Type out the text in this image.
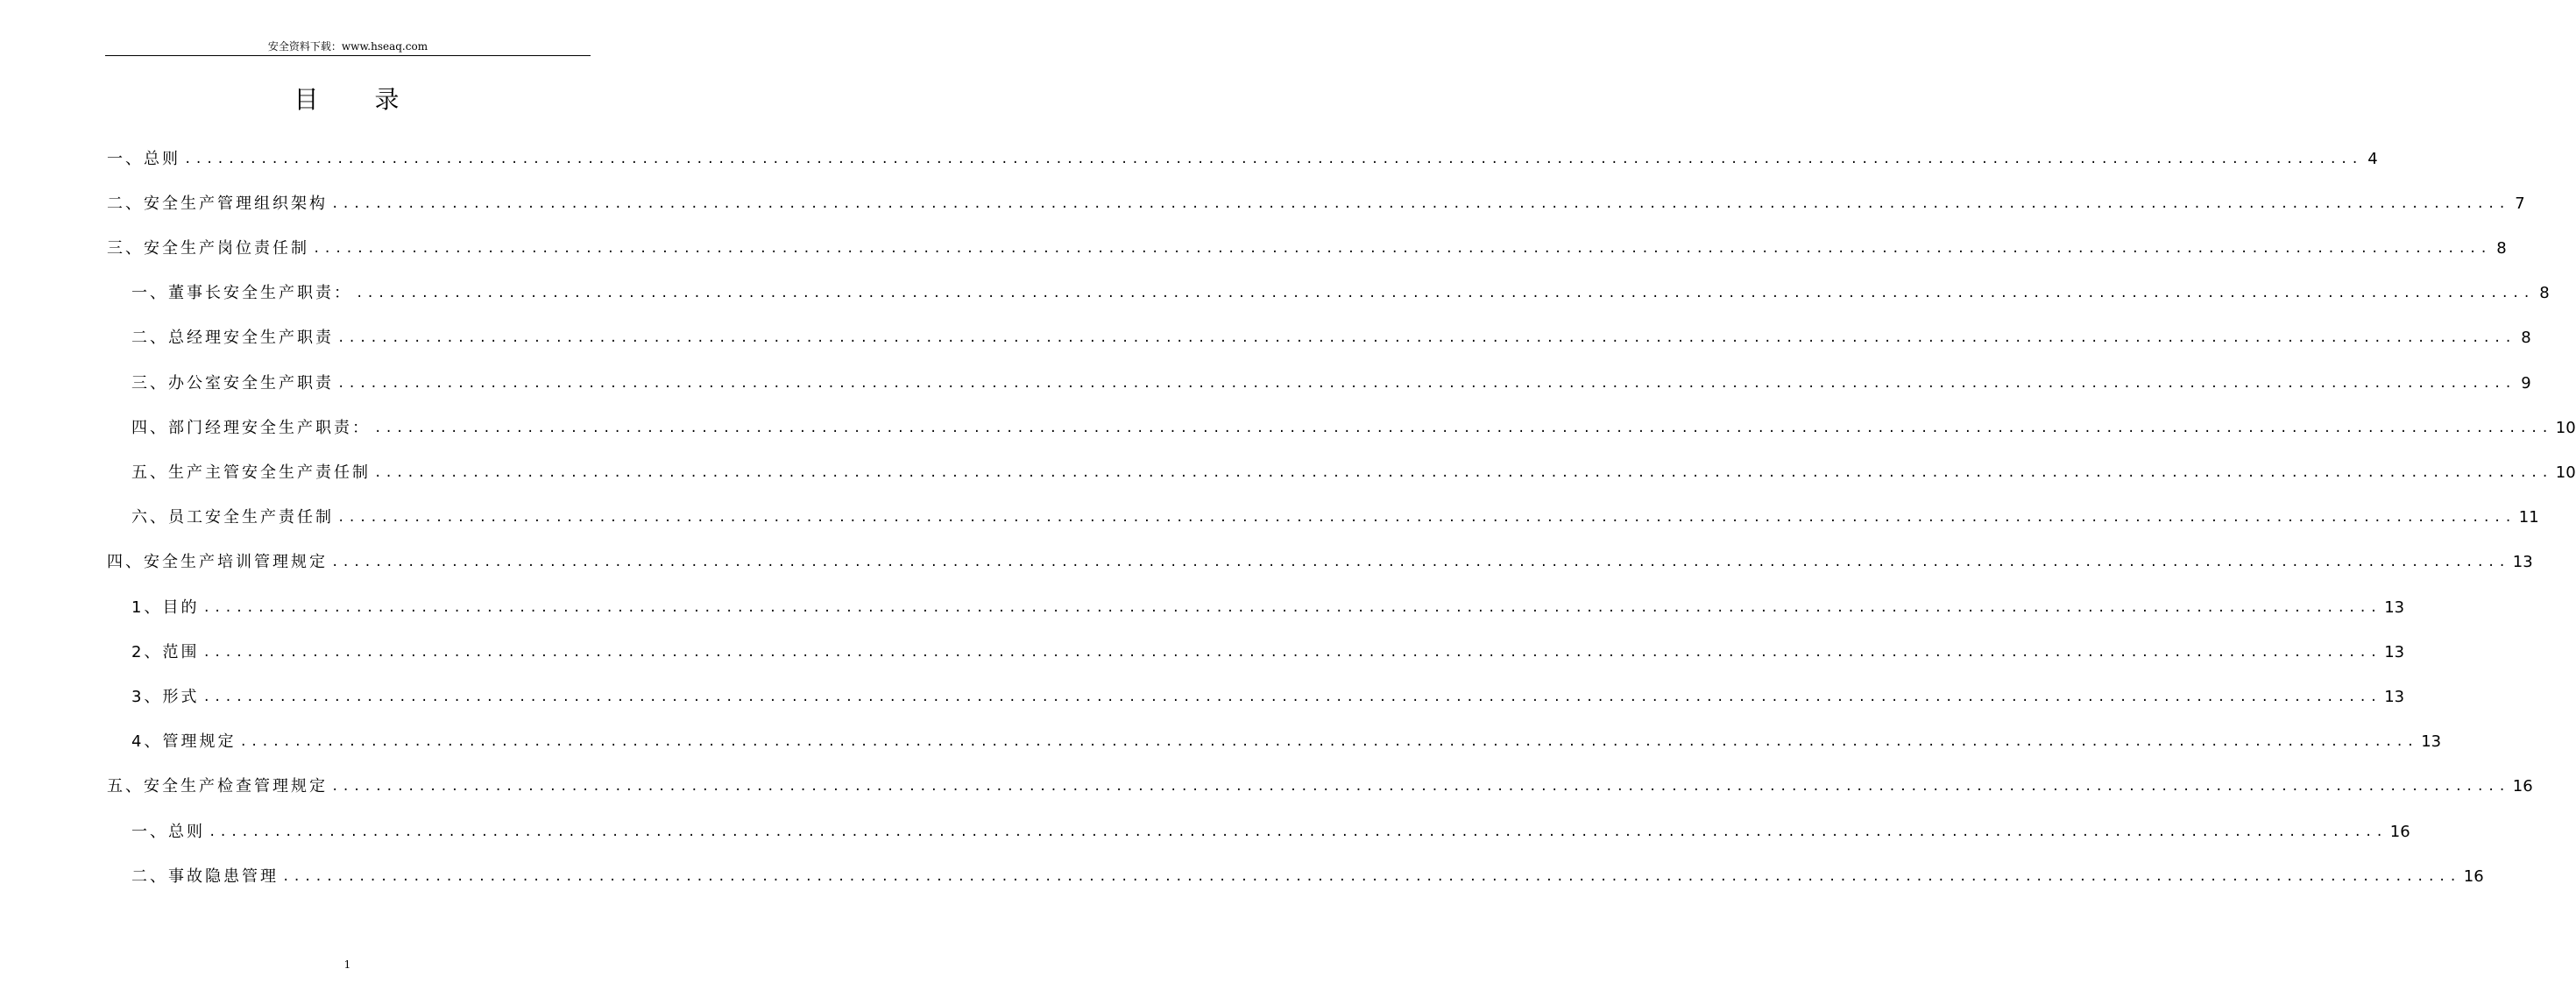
安全资料下载：www.hseaq.com
目 录
一、总则 ........................................................................................................................................................................................................ 4
二、安全生产管理组织架构 ........................................................................................................................................................................................................ 7
三、安全生产岗位责任制 ........................................................................................................................................................................................................ 8
一、董事长安全生产职责： ........................................................................................................................................................................................................ 8
二、总经理安全生产职责 ........................................................................................................................................................................................................ 8
三、办公室安全生产职责 ........................................................................................................................................................................................................ 9
四、部门经理安全生产职责： ........................................................................................................................................................................................................ 10
五、生产主管安全生产责任制 ........................................................................................................................................................................................................ 10
六、员工安全生产责任制 ........................................................................................................................................................................................................ 11
四、安全生产培训管理规定 ........................................................................................................................................................................................................ 13
1、目的 ........................................................................................................................................................................................................ 13
2、范围 ........................................................................................................................................................................................................ 13
3、形式 ........................................................................................................................................................................................................ 13
4、管理规定 ........................................................................................................................................................................................................ 13
五、安全生产检查管理规定 ........................................................................................................................................................................................................ 16
一、总则 ........................................................................................................................................................................................................ 16
二、事故隐患管理 ........................................................................................................................................................................................................ 16
1
